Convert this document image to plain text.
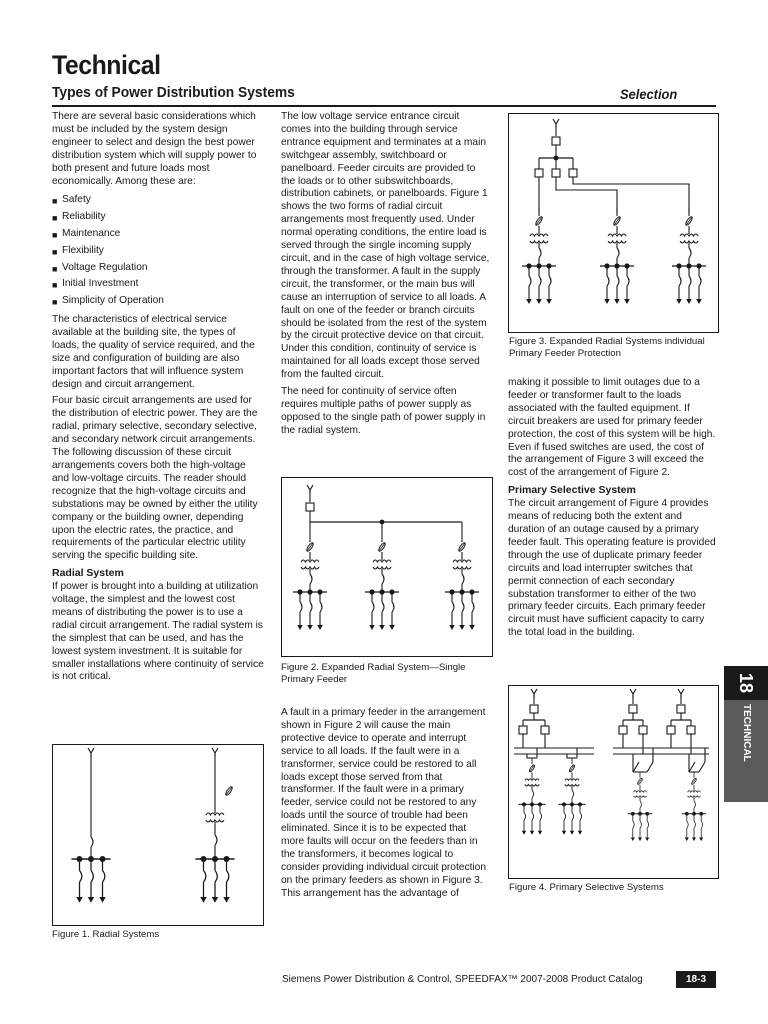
Technical
Types of Power Distribution Systems	Selection

There are several basic considerations which must be included by the system design engineer to select and design the best power distribution system which will supply power to both present and future loads most economically. Among these are:

■ Safety
■ Reliability
■ Maintenance
■ Flexibility
■ Voltage Regulation
■ Initial Investment
■ Simplicity of Operation

The characteristics of electrical service available at the building site, the types of loads, the quality of service required, and the size and configuration of building are also important factors that will influence system design and circuit arrangement.

Four basic circuit arrangements are used for the distribution of electric power. They are the radial, primary selective, secondary selective, and secondary network circuit arrangements. The following discussion of these circuit arrangements covers both the high-voltage and low-voltage circuits. The reader should recognize that the high-voltage circuits and substations may be owned by either the utility company or the building owner, depending upon the electric rates, the practice, and requirements of the particular electric utility serving the specific building site.

Radial System

If power is brought into a building at utilization voltage, the simplest and the lowest cost means of distributing the power is to use a radial circuit arrangement. The radial system is the simplest that can be used, and has the lowest system investment. It is suitable for smaller installations where continuity of service is not critical.

Figure 1. Radial Systems

The low voltage service entrance circuit comes into the building through service entrance equipment and terminates at a main switchgear assembly, switchboard or panelboard. Feeder circuits are provided to the loads or to other subswitchboards, distribution cabinets, or panelboards. Figure 1 shows the two forms of radial circuit arrangements most frequently used. Under normal operating conditions, the entire load is served through the single incoming supply circuit, and in the case of high voltage service, through the transformer. A fault in the supply circuit, the transformer, or the main bus will cause an interruption of service to all loads. A fault on one of the feeder or branch circuits should be isolated from the rest of the system by the circuit protective device on that circuit. Under this condition, continuity of service is maintained for all loads except those served from the faulted circuit.

The need for continuity of service often requires multiple paths of power supply as opposed to the single path of power supply in the radial system.

Figure 2. Expanded Radial System—Single Primary Feeder

A fault in a primary feeder in the arrangement shown in Figure 2 will cause the main protective device to operate and interrupt service to all loads. If the fault were in a transformer, service could be restored to all loads except those served from that transformer. If the fault were in a primary feeder, service could not be restored to any loads until the source of trouble had been eliminated. Since it is to be expected that more faults will occur on the feeders than in the transformers, it becomes logical to consider providing individual circuit protection on the primary feeders as shown in Figure 3. This arrangement has the advantage of

Figure 3. Expanded Radial Systems individual Primary Feeder Protection

making it possible to limit outages due to a feeder or transformer fault to the loads associated with the faulted equipment. If circuit breakers are used for primary feeder protection, the cost of this system will be high. Even if fused switches are used, the cost of the arrangement of Figure 3 will exceed the cost of the arrangement of Figure 2.

Primary Selective System

The circuit arrangement of Figure 4 provides means of reducing both the extent and duration of an outage caused by a primary feeder fault. This operating feature is provided through the use of duplicate primary feeder circuits and load interrupter switches that permit connection of each secondary substation transformer to either of the two primary feeder circuits. Each primary feeder circuit must have sufficient capacity to carry the total load in the building.

Figure 4. Primary Selective Systems
18
TECHNICAL
Siemens Power Distribution & Control, SPEEDFAX™ 2007-2008 Product Catalog	18-3
